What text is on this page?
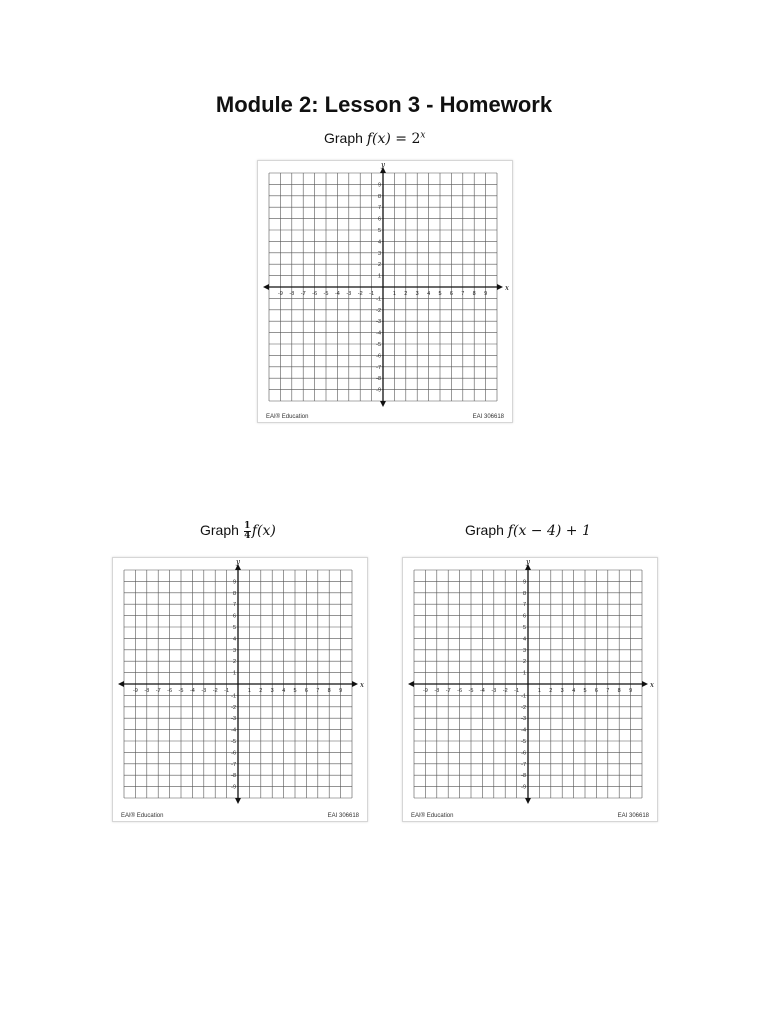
Module 2: Lesson 3 - Homework
Graph $f(x) = 2^x$
Graph $\frac{1}{4} f(x)$	Graph f(x − 4) + 1
x
y
-9
-9
-8
-8
-7
-7
-6
-6
-5
-5
-4
-4
-3
-3
-2
-2
-1
-1
1
1
2
2
3
3
4
4
5
5
6
6
7
7
8
8
9
9
EAI® Education	EAI 306618
x
y
-9
-9
-8
-8
-7
-7
-6
-6
-5
-5
-4
-4
-3
-3
-2
-2
-1
-1
1
1
2
2
3
3
4
4
5
5
6
6
7
7
8
8
9
9
EAI® Education	EAI 306618
x
y
-9
-9
-8
-8
-7
-7
-6
-6
-5
-5
-4
-4
-3
-3
-2
-2
-1
-1
1
1
2
2
3
3
4
4
5
5
6
6
7
7
8
8
9
9
EAI® Education	EAI 306618
